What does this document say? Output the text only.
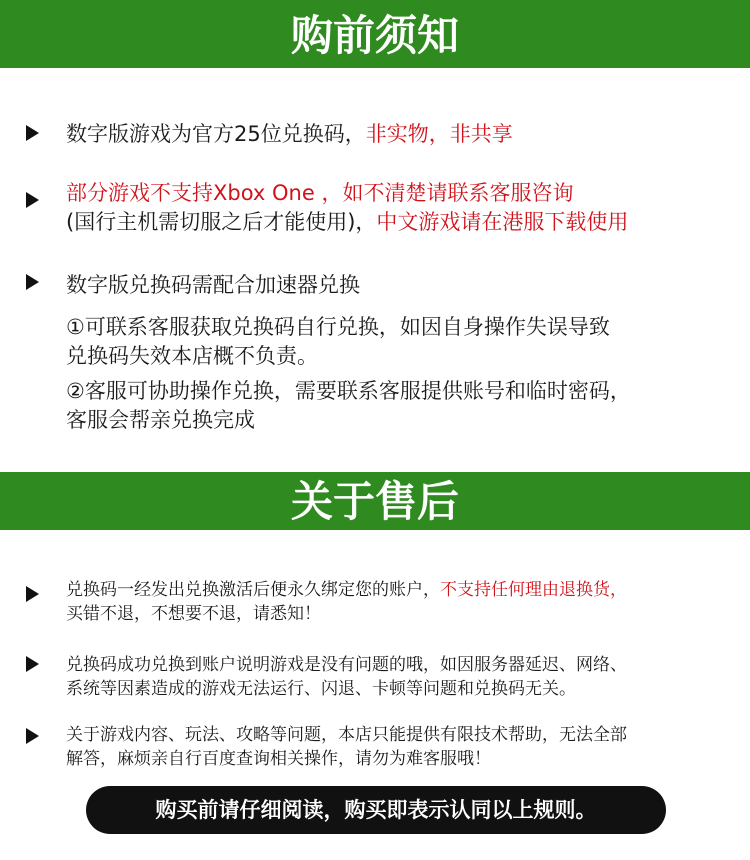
购前须知
数字版游戏为官方25位兑换码，非实物，非共享
部分游戏不支持Xbox One ，如不清楚请联系客服咨询
(国行主机需切服之后才能使用)，中文游戏请在港服下载使用
数字版兑换码需配合加速器兑换
①可联系客服获取兑换码自行兑换，如因自身操作失误导致
兑换码失效本店概不负责。
②客服可协助操作兑换，需要联系客服提供账号和临时密码，
客服会帮亲兑换完成
关于售后
兑换码一经发出兑换激活后便永久绑定您的账户，不支持任何理由退换货，
买错不退，不想要不退，请悉知！
兑换码成功兑换到账户说明游戏是没有问题的哦，如因服务器延迟、网络、
系统等因素造成的游戏无法运行、闪退、卡顿等问题和兑换码无关。
关于游戏内容、玩法、攻略等问题，本店只能提供有限技术帮助，无法全部
解答，麻烦亲自行百度查询相关操作，请勿为难客服哦！
购买前请仔细阅读，购买即表示认同以上规则。
